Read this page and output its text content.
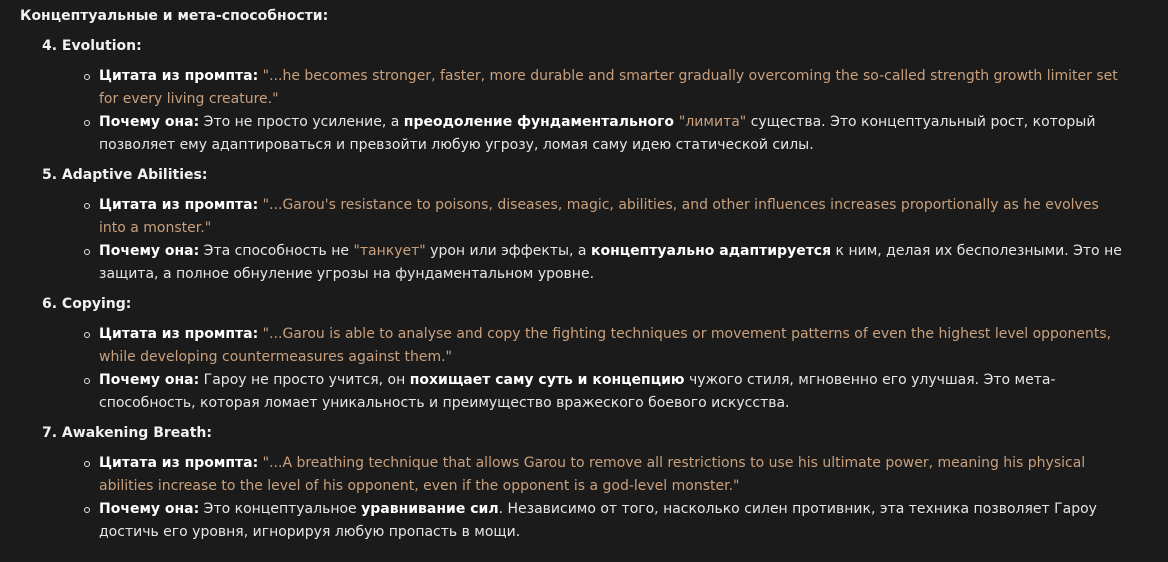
Концептуальные и мета-способности:
4. Evolution:
Цитата из промпта: "...he becomes stronger, faster, more durable and smarter gradually overcoming the so-called strength growth limiter set for every living creature."
Почему она: Это не просто усиление, а преодоление фундаментального "лимита" существа. Это концептуальный рост, который позволяет ему адаптироваться и превзойти любую угрозу, ломая саму идею статической силы.
5. Adaptive Abilities:
Цитата из промпта: "...Garou's resistance to poisons, diseases, magic, abilities, and other influences increases proportionally as he evolves into a monster."
Почему она: Эта способность не "танкует" урон или эффекты, а концептуально адаптируется к ним, делая их бесполезными. Это не защита, а полное обнуление угрозы на фундаментальном уровне.
6. Copying:
Цитата из промпта: "...Garou is able to analyse and copy the fighting techniques or movement patterns of even the highest level opponents, while developing countermeasures against them."
Почему она: Гароу не просто учится, он похищает саму суть и концепцию чужого стиля, мгновенно его улучшая. Это мета-способность, которая ломает уникальность и преимущество вражеского боевого искусства.
7. Awakening Breath:
Цитата из промпта: "...A breathing technique that allows Garou to remove all restrictions to use his ultimate power, meaning his physical abilities increase to the level of his opponent, even if the opponent is a god-level monster."
Почему она: Это концептуальное уравнивание сил. Независимо от того, насколько силен противник, эта техника позволяет Гароу достичь его уровня, игнорируя любую пропасть в мощи.
